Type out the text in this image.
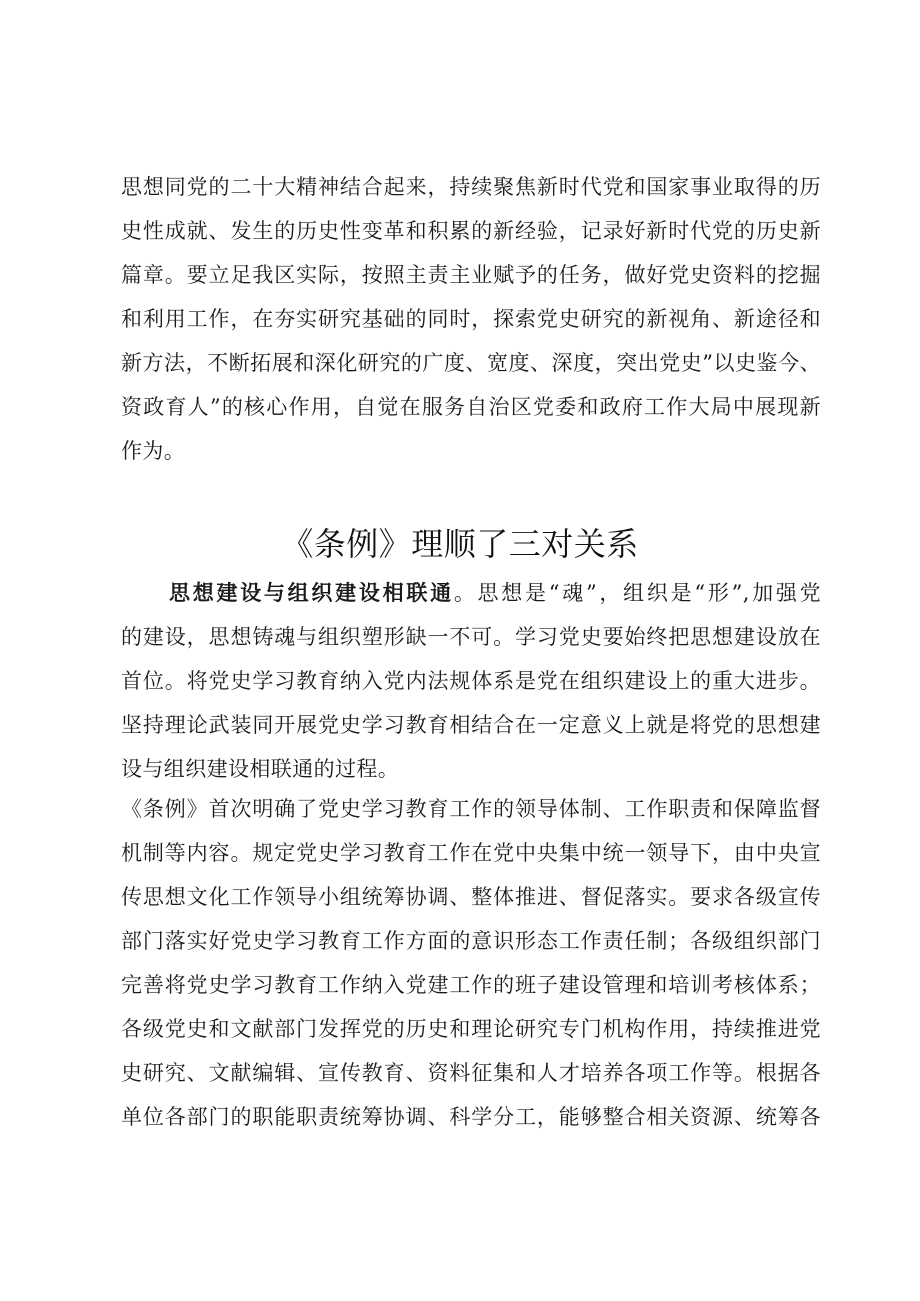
思想同党的二十大精神结合起来，持续聚焦新时代党和国家事业取得的历
史性成就、发生的历史性变革和积累的新经验，记录好新时代党的历史新
篇章。要立足我区实际，按照主责主业赋予的任务，做好党史资料的挖掘
和利用工作，在夯实研究基础的同时，探索党史研究的新视角、新途径和
新方法，不断拓展和深化研究的广度、宽度、深度，突出党史”以史鉴今、
资政育人”的核心作用，自觉在服务自治区党委和政府工作大局中展现新
作为。
《条例》理顺了三对关系
思想建设与组织建设相联通。思想是“魂”，组织是“形”,加强党
的建设，思想铸魂与组织塑形缺一不可。学习党史要始终把思想建设放在
首位。将党史学习教育纳入党内法规体系是党在组织建设上的重大进步。
坚持理论武装同开展党史学习教育相结合在一定意义上就是将党的思想建
设与组织建设相联通的过程。
《条例》首次明确了党史学习教育工作的领导体制、工作职责和保障监督
机制等内容。规定党史学习教育工作在党中央集中统一领导下，由中央宣
传思想文化工作领导小组统筹协调、整体推进、督促落实。要求各级宣传
部门落实好党史学习教育工作方面的意识形态工作责任制；各级组织部门
完善将党史学习教育工作纳入党建工作的班子建设管理和培训考核体系；
各级党史和文献部门发挥党的历史和理论研究专门机构作用，持续推进党
史研究、文献编辑、宣传教育、资料征集和人才培养各项工作等。根据各
单位各部门的职能职责统筹协调、科学分工，能够整合相关资源、统筹各
